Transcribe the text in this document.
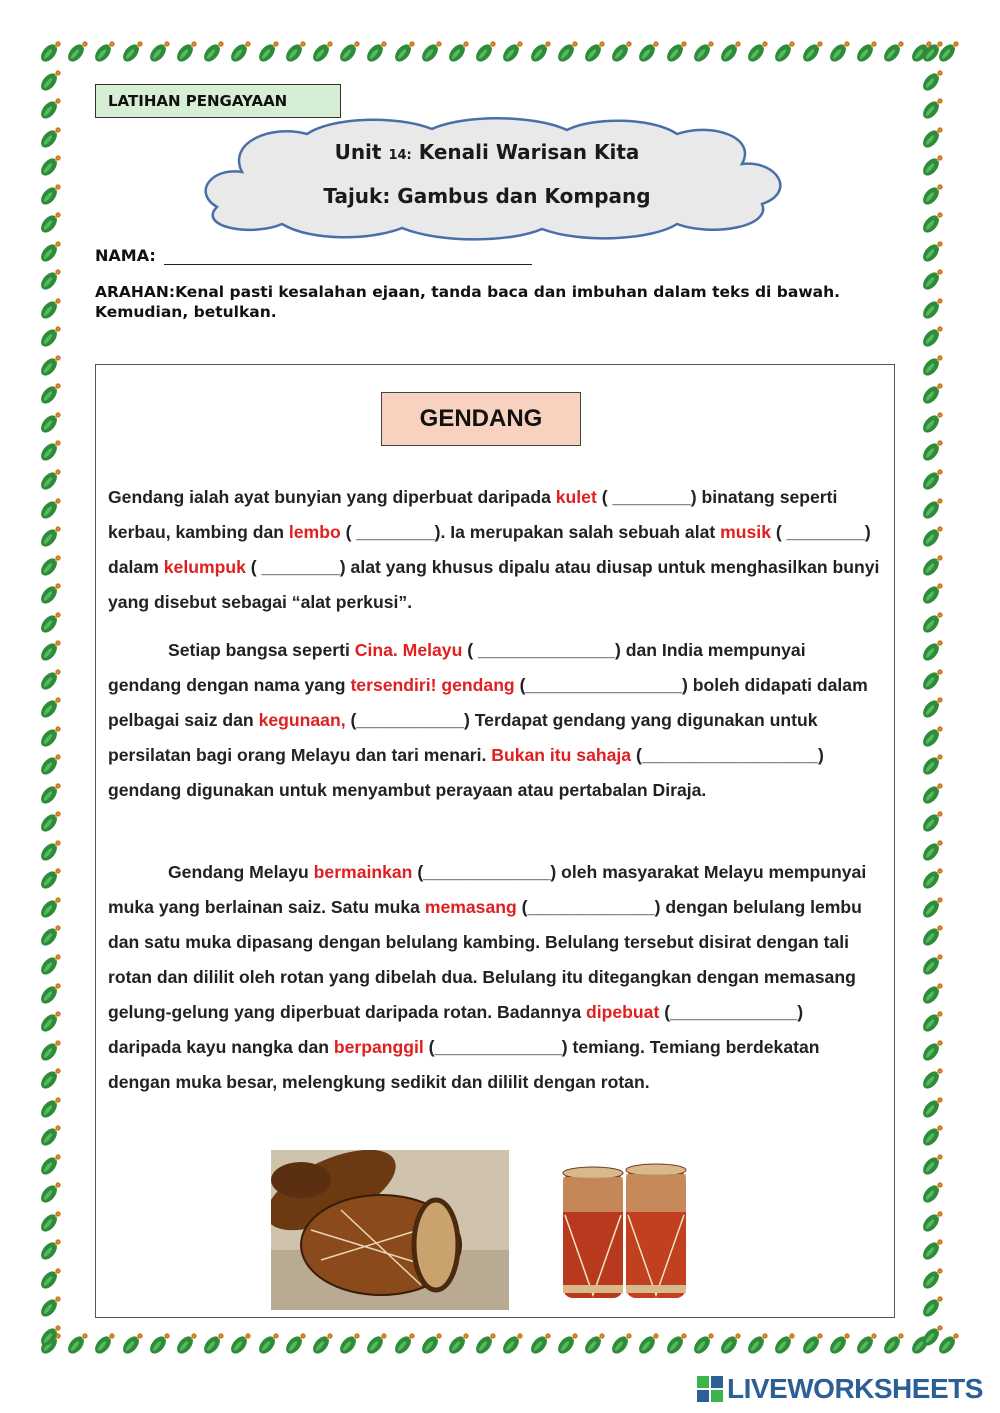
LATIHAN PENGAYAAN
Unit 14: Kenali Warisan Kita
Tajuk: Gambus dan Kompang
NAMA:
ARAHAN:Kenal pasti kesalahan ejaan, tanda baca dan imbuhan dalam teks di bawah. Kemudian, betulkan.
GENDANG
Gendang ialah ayat bunyian yang diperbuat daripada kulet ( ________) binatang seperti kerbau, kambing dan lembo ( ________). Ia merupakan salah sebuah alat musik ( ________) dalam kelumpuk ( ________) alat yang khusus dipalu atau diusap untuk menghasilkan bunyi yang disebut sebagai “alat perkusi”.
Setiap bangsa seperti Cina. Melayu ( ______________) dan India mempunyai gendang dengan nama yang tersendiri! gendang (________________) boleh didapati dalam pelbagai saiz dan kegunaan, (___________) Terdapat gendang yang digunakan untuk persilatan bagi orang Melayu dan tari menari. Bukan itu sahaja (__________________) gendang digunakan untuk menyambut perayaan atau pertabalan Diraja.
Gendang Melayu bermainkan (_____________) oleh masyarakat Melayu mempunyai muka yang berlainan saiz. Satu muka memasang (_____________) dengan belulang lembu dan satu muka dipasang dengan belulang kambing. Belulang tersebut disirat dengan tali rotan dan dililit oleh rotan yang dibelah dua. Belulang itu ditegangkan dengan memasang gelung-gelung yang diperbuat daripada rotan. Badannya dipebuat (_____________) daripada kayu nangka dan berpanggil (_____________) temiang. Temiang berdekatan dengan muka besar, melengkung sedikit dan dililit dengan rotan.
LIVEWORKSHEETS
